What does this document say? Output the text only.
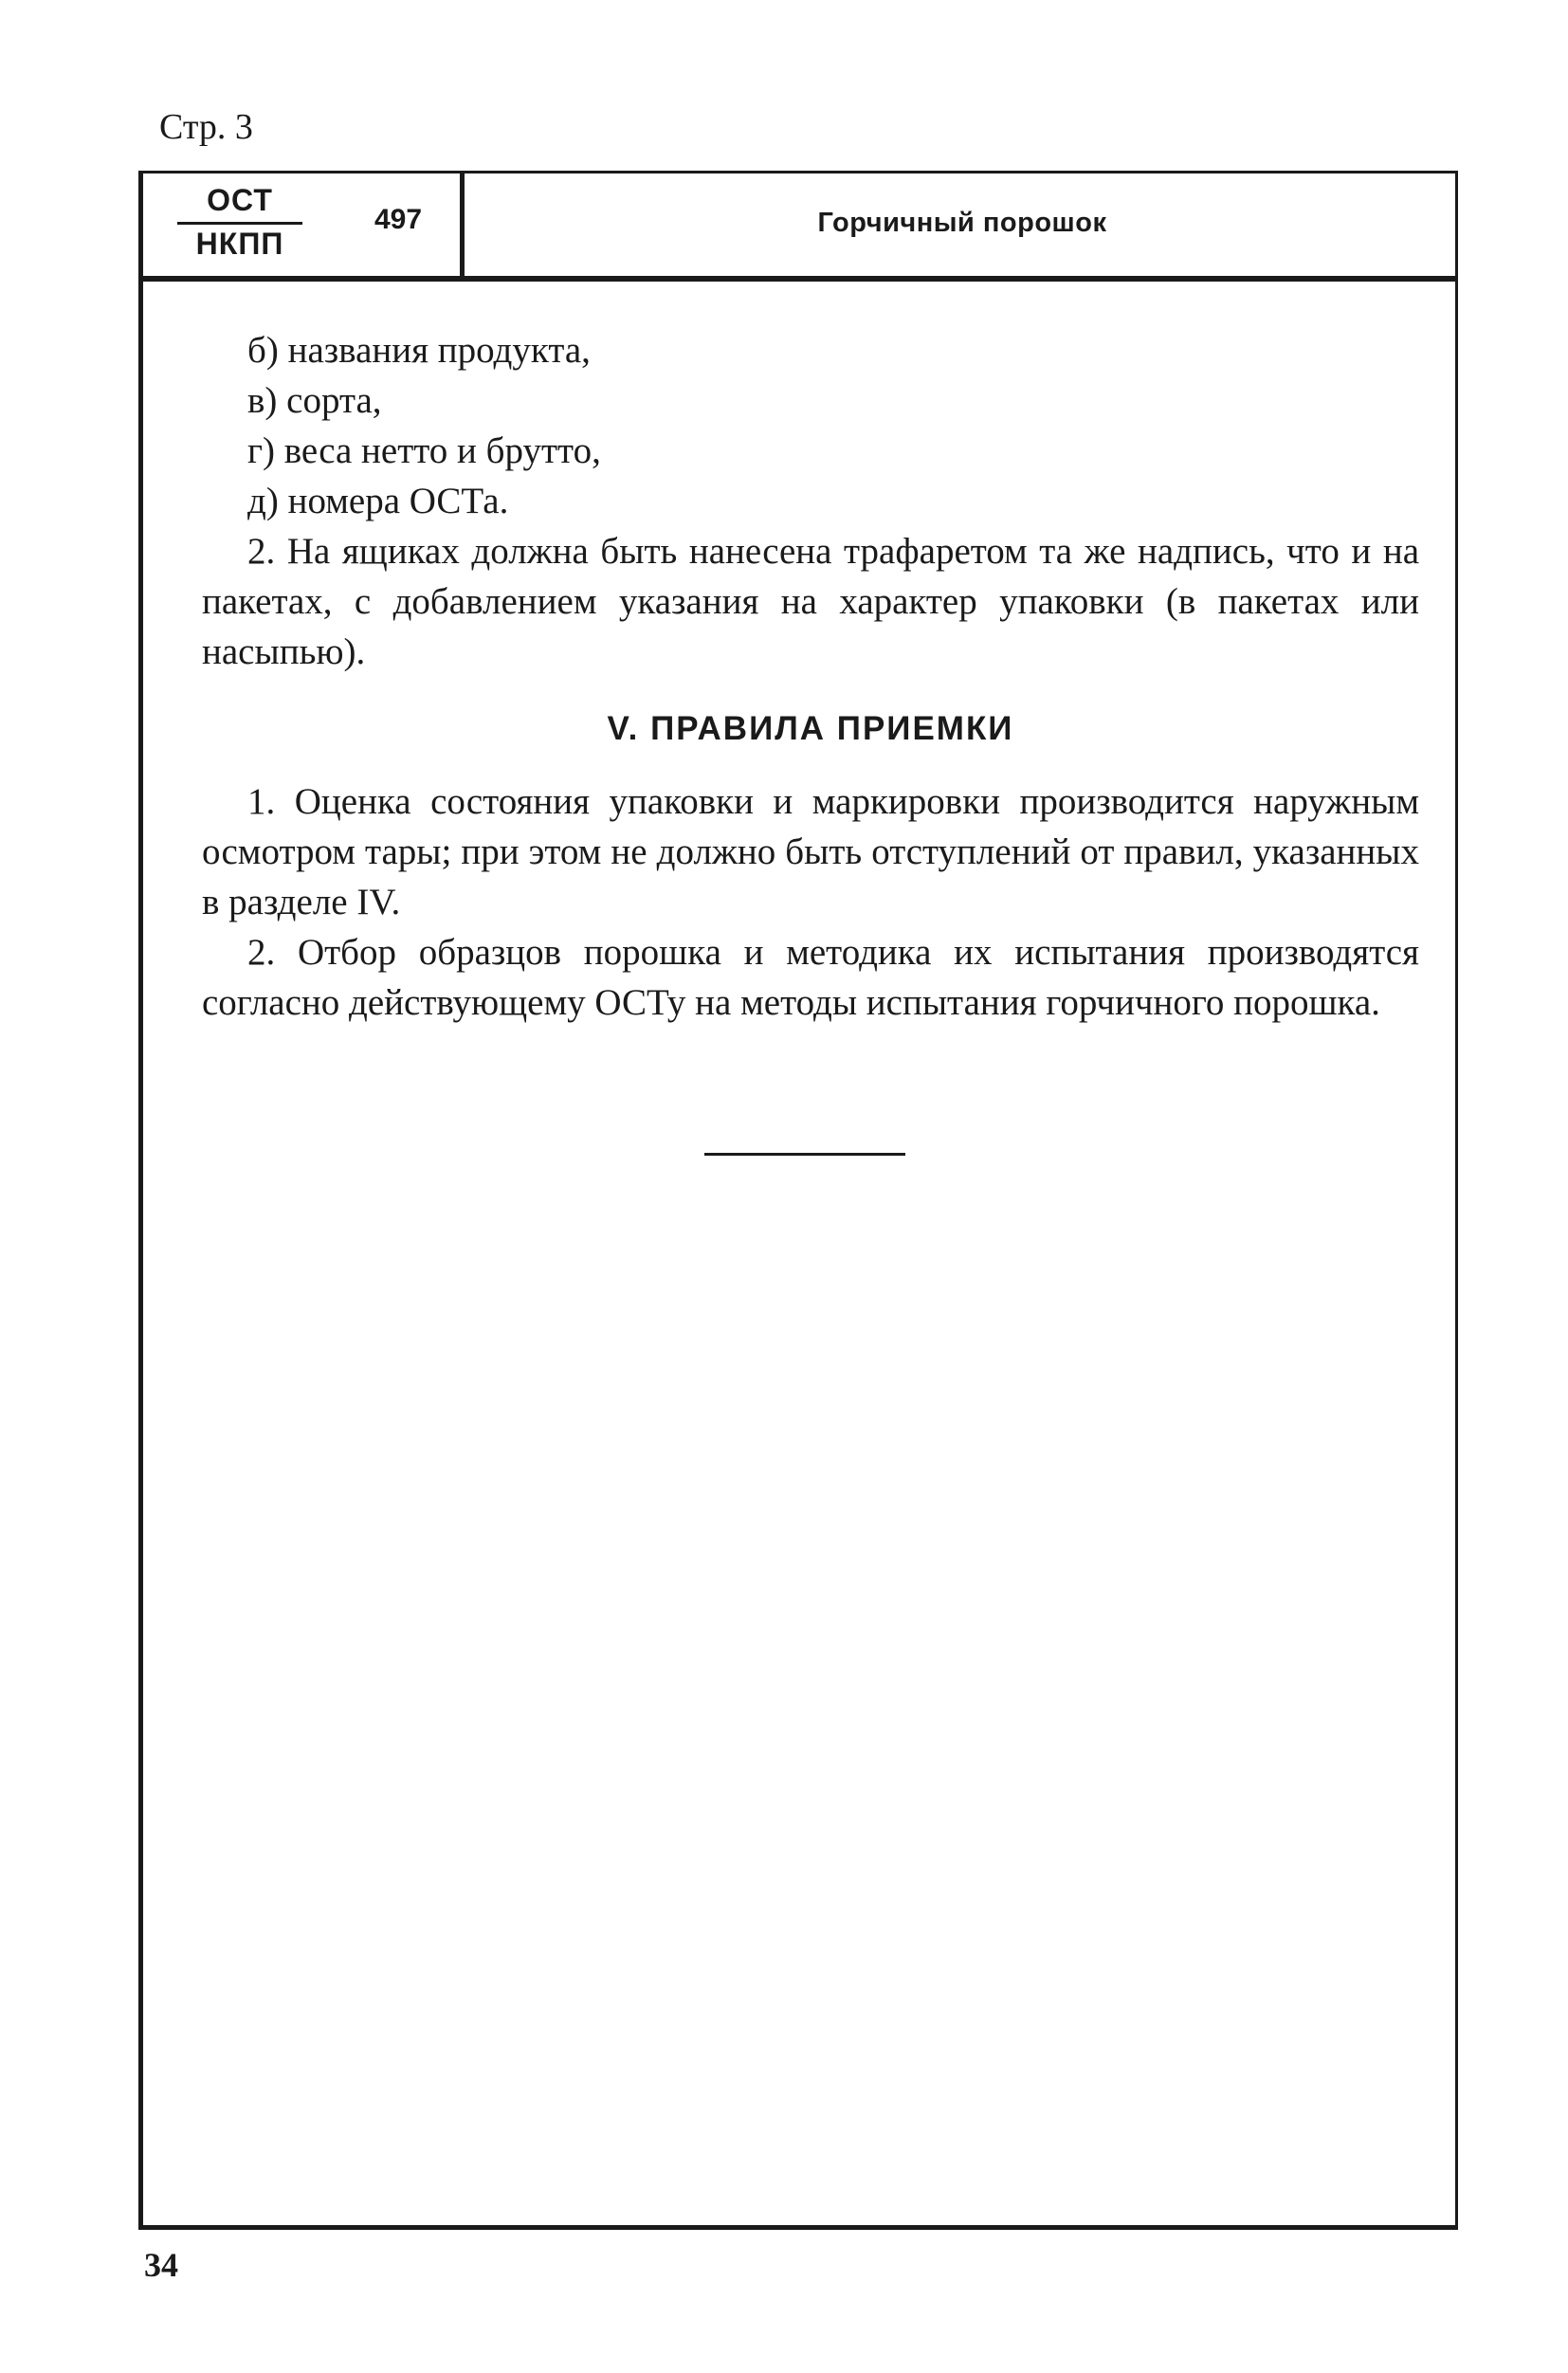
Стр. 3
ОСТ
НКПП
497	Горчичный порошок

б) названия продукта,

в) сорта,

г) веса нетто и брутто,

д) номера ОСТа.

2. На ящиках должна быть нанесена трафаретом та же надпись, что и на пакетах, с добавлением указания на характер упаковки (в пакетах или насыпью).

V. ПРАВИЛА ПРИЕМКИ

1. Оценка состояния упаковки и маркировки производится наружным осмотром тары; при этом не должно быть отступлений от правил, указанных в разделе IV.

2. Отбор образцов порошка и методика их испытания производятся согласно действующему ОСТу на методы испытания горчичного порошка.

34
